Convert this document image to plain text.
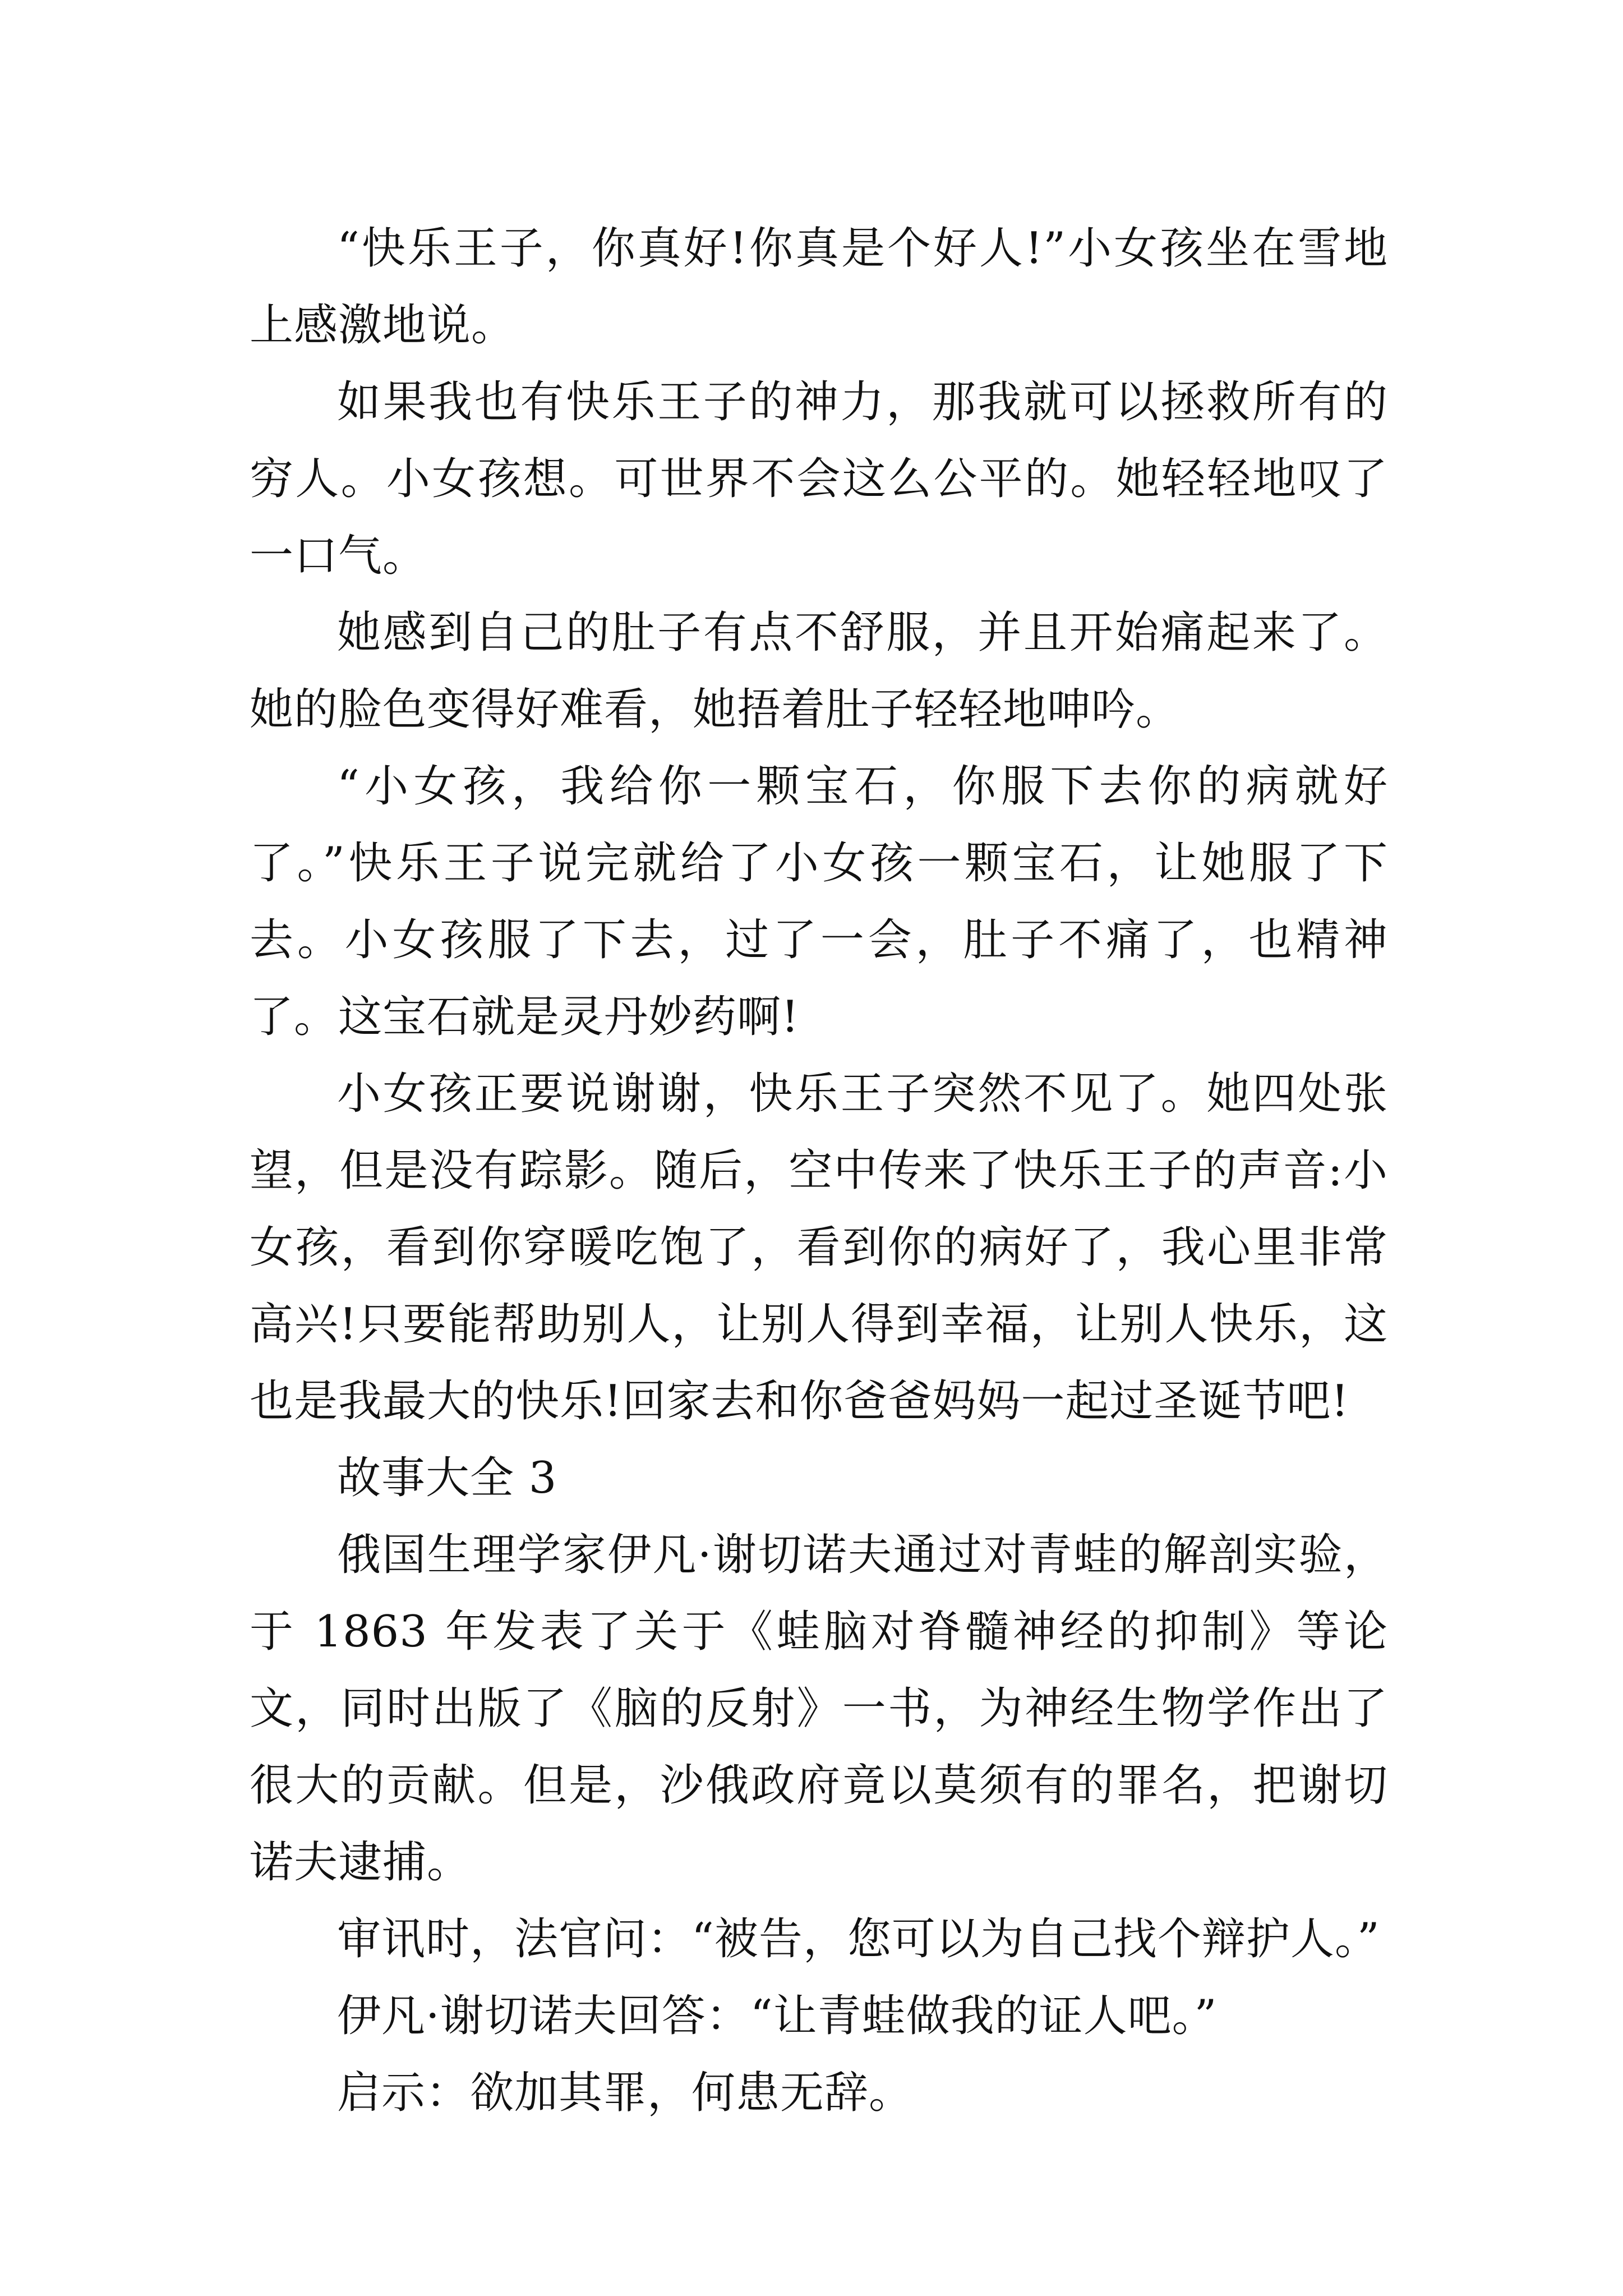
“快乐王子，你真好!你真是个好人!”小女孩坐在雪地上感激地说。

如果我也有快乐王子的神力，那我就可以拯救所有的穷人。小女孩想。可世界不会这么公平的。她轻轻地叹了一口气。

她感到自己的肚子有点不舒服，并且开始痛起来了。她的脸色变得好难看，她捂着肚子轻轻地呻吟。

“小女孩，我给你一颗宝石，你服下去你的病就好了。”快乐王子说完就给了小女孩一颗宝石，让她服了下去。小女孩服了下去，过了一会，肚子不痛了，也精神了。这宝石就是灵丹妙药啊!

小女孩正要说谢谢，快乐王子突然不见了。她四处张望，但是没有踪影。随后，空中传来了快乐王子的声音:小女孩，看到你穿暖吃饱了，看到你的病好了，我心里非常高兴!只要能帮助别人，让别人得到幸福，让别人快乐，这也是我最大的快乐!回家去和你爸爸妈妈一起过圣诞节吧!

故事大全 3

俄国生理学家伊凡·谢切诺夫通过对青蛙的解剖实验，于 1863 年发表了关于《蛙脑对脊髓神经的抑制》等论文，同时出版了《脑的反射》一书，为神经生物学作出了很大的贡献。但是，沙俄政府竟以莫须有的罪名，把谢切诺夫逮捕。

审讯时，法官问：“被告，您可以为自己找个辩护人。”

伊凡·谢切诺夫回答：“让青蛙做我的证人吧。”

启示：欲加其罪，何患无辞。
